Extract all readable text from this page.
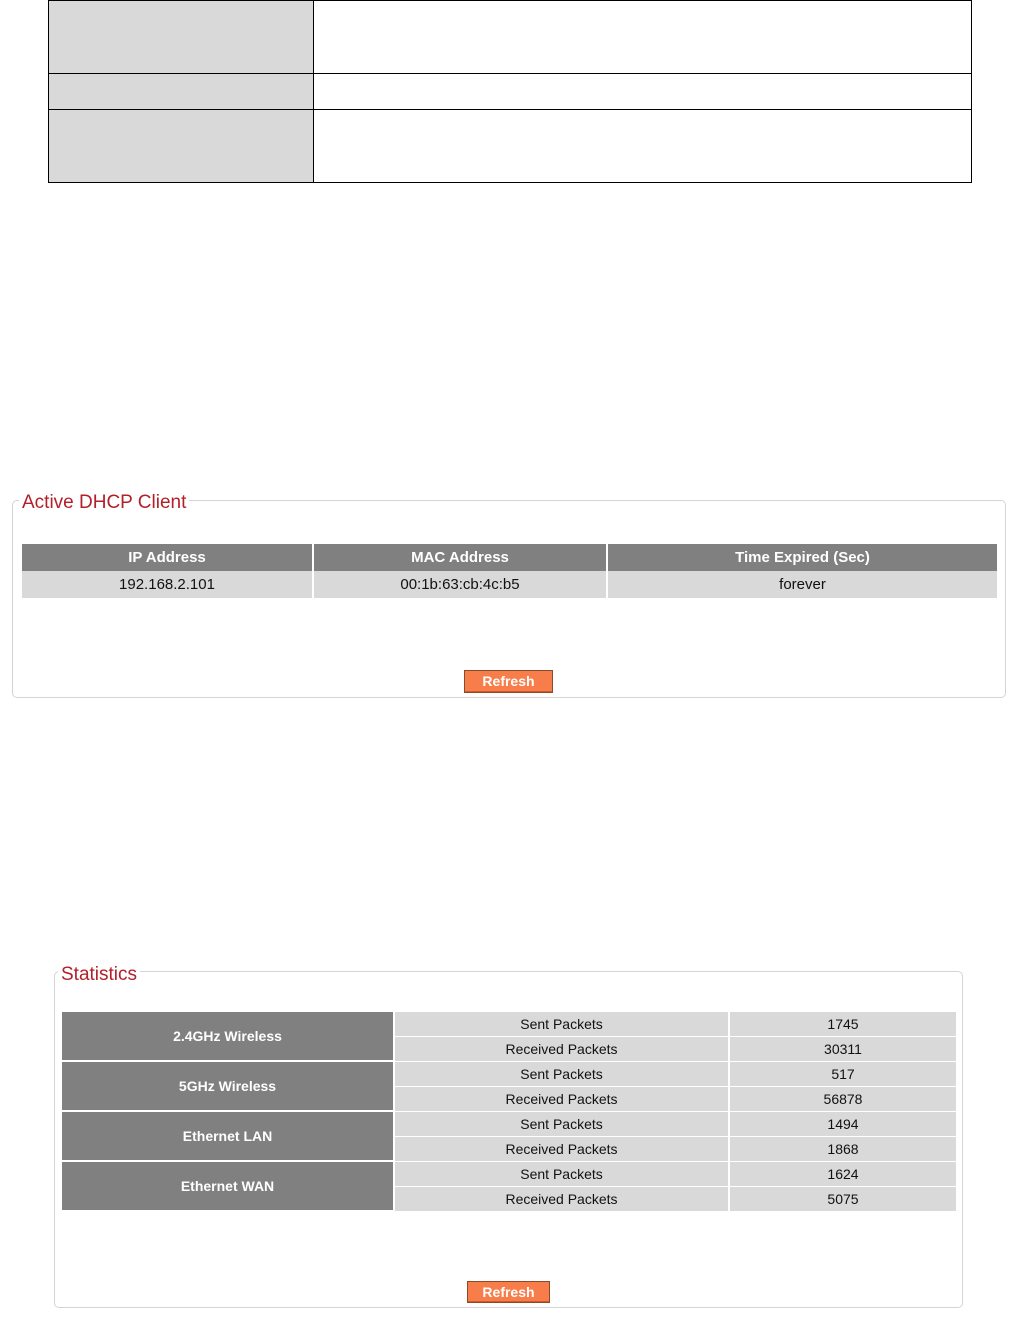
Active DHCP Client
IP Address	MAC Address	Time Expired (Sec)
192.168.2.101	00:1b:63:cb:4c:b5	forever
Refresh
Statistics
2.4GHz Wireless	Sent Packets	1745
	Received Packets	30311
5GHz Wireless	Sent Packets	517
	Received Packets	56878
Ethernet LAN	Sent Packets	1494
	Received Packets	1868
Ethernet WAN	Sent Packets	1624
	Received Packets	5075
Refresh
